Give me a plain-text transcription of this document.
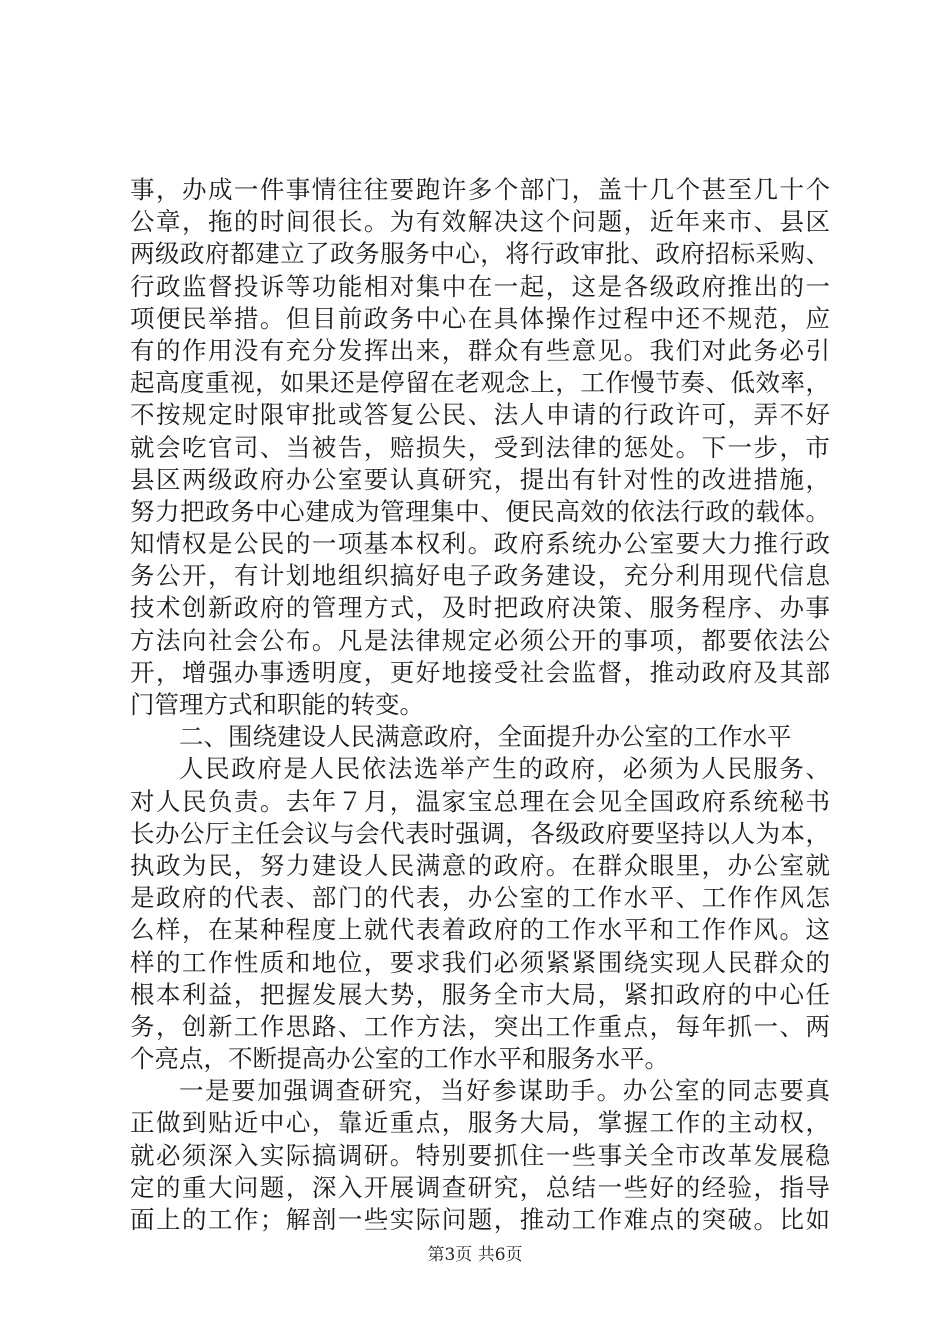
事，办成一件事情往往要跑许多个部门，盖十几个甚至几十个
公章，拖的时间很长。为有效解决这个问题，近年来市、县区
两级政府都建立了政务服务中心，将行政审批、政府招标采购、
行政监督投诉等功能相对集中在一起，这是各级政府推出的一
项便民举措。但目前政务中心在具体操作过程中还不规范，应
有的作用没有充分发挥出来，群众有些意见。我们对此务必引
起高度重视，如果还是停留在老观念上，工作慢节奏、低效率，
不按规定时限审批或答复公民、法人申请的行政许可，弄不好
就会吃官司、当被告，赔损失，受到法律的惩处。下一步，市
县区两级政府办公室要认真研究，提出有针对性的改进措施，
努力把政务中心建成为管理集中、便民高效的依法行政的载体。
知情权是公民的一项基本权利。政府系统办公室要大力推行政
务公开，有计划地组织搞好电子政务建设，充分利用现代信息
技术创新政府的管理方式，及时把政府决策、服务程序、办事
方法向社会公布。凡是法律规定必须公开的事项，都要依法公
开，增强办事透明度，更好地接受社会监督，推动政府及其部
门管理方式和职能的转变。
二、围绕建设人民满意政府，全面提升办公室的工作水平
人民政府是人民依法选举产生的政府，必须为人民服务、
对人民负责。去年７月，温家宝总理在会见全国政府系统秘书
长办公厅主任会议与会代表时强调，各级政府要坚持以人为本，
执政为民，努力建设人民满意的政府。在群众眼里，办公室就
是政府的代表、部门的代表，办公室的工作水平、工作作风怎
么样，在某种程度上就代表着政府的工作水平和工作作风。这
样的工作性质和地位，要求我们必须紧紧围绕实现人民群众的
根本利益，把握发展大势，服务全市大局，紧扣政府的中心任
务，创新工作思路、工作方法，突出工作重点，每年抓一、两
个亮点，不断提高办公室的工作水平和服务水平。
一是要加强调查研究，当好参谋助手。办公室的同志要真
正做到贴近中心，靠近重点，服务大局，掌握工作的主动权，
就必须深入实际搞调研。特别要抓住一些事关全市改革发展稳
定的重大问题，深入开展调查研究，总结一些好的经验，指导
面上的工作；解剖一些实际问题，推动工作难点的突破。比如
第3页 共6页
